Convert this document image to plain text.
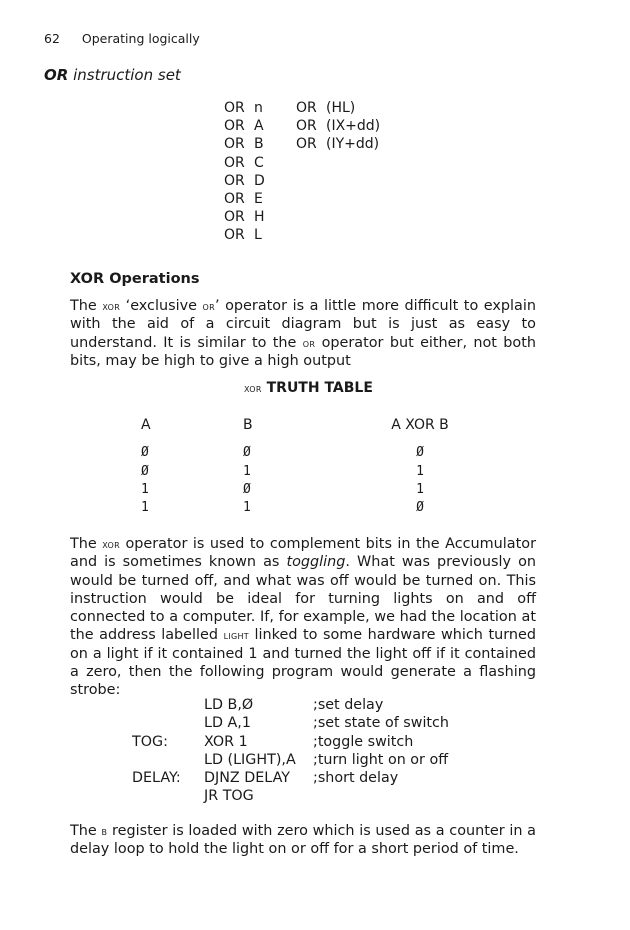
62 Operating logically
OR instruction set
OR n
OR A
OR B
OR C
OR D
OR E
OR H
OR L
OR (HL)
OR (IX+dd)
OR (IY+dd)
XOR Operations

The xor ‘exclusive or’ operator is a little more difficult to explain with the aid of a circuit diagram but is just as easy to understand. It is similar to the or operator but either, not both bits, may be high to give a high output

xor TRUTH TABLE
A
Ø
Ø
1
1
B
Ø
1
Ø
1
A XOR B
Ø
1
1
Ø

The xor operator is used to complement bits in the Accumulator and is sometimes known as toggling. What was previously on would be turned off, and what was off would be turned on. This instruction would be ideal for turning lights on and off connected to a computer. If, for example, we had the location at the address labelled light linked to some hardware which turned on a light if it contained 1 and turned the light off if it contained a zero, then the following program would generate a flashing strobe:

TOG:
DELAY:
LD B,Ø
LD A,1
XOR 1
LD (LIGHT),A
DJNZ DELAY
JR TOG
;set delay
;set state of switch
;toggle switch
;turn light on or off
;short delay

The b register is loaded with zero which is used as a counter in a delay loop to hold the light on or off for a short period of time.
